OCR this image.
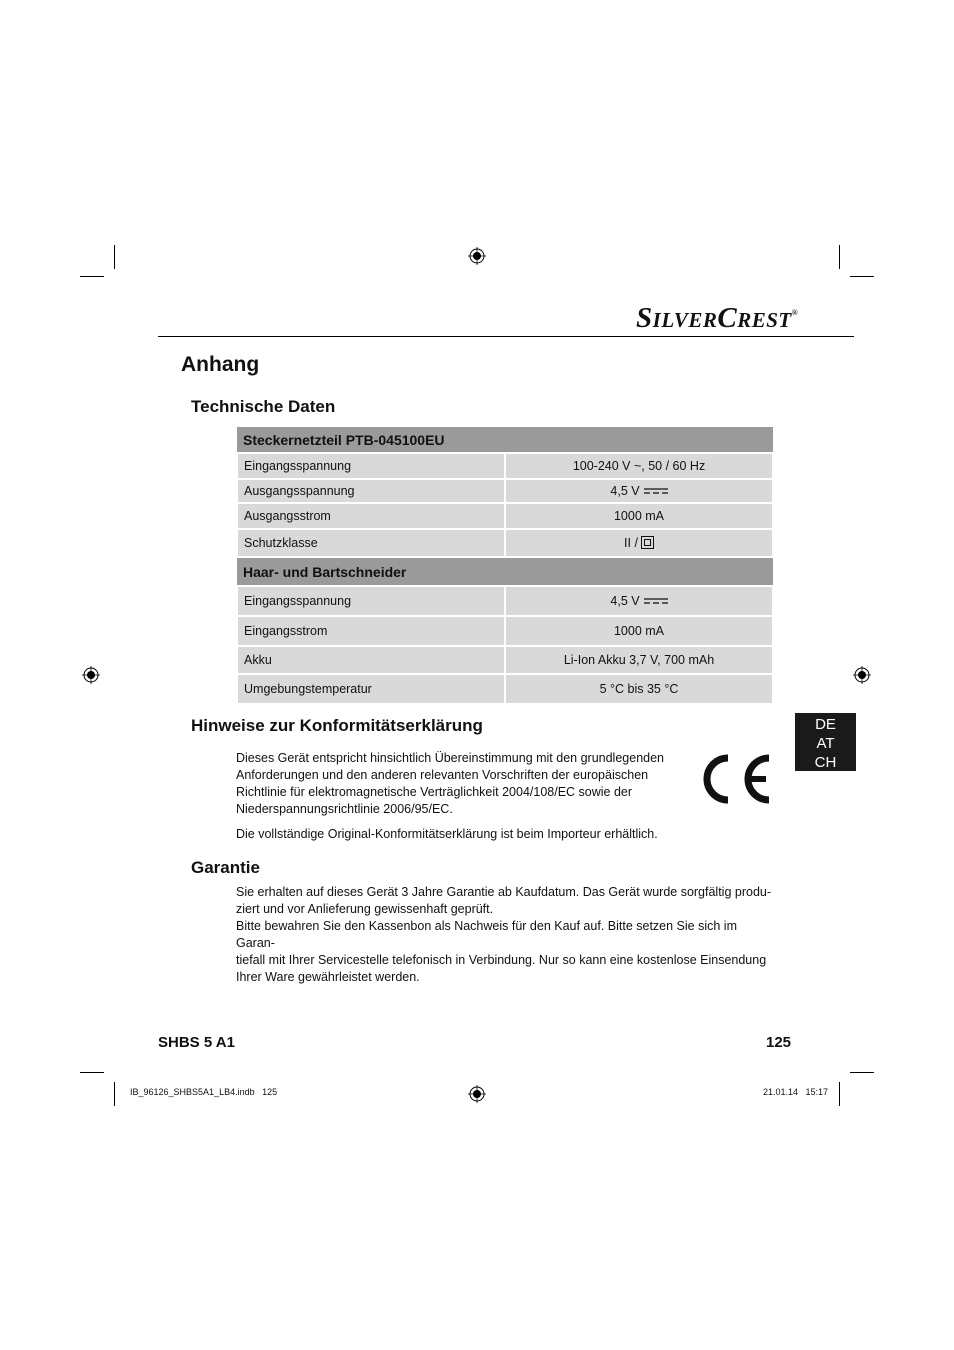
SILVERCREST®
Anhang
Technische Daten
Steckernetzteil PTB-045100EU	
Eingangsspannung	100-240 V ~, 50 / 60 Hz
Ausgangsspannung	4,5 V
Ausgangsstrom	1000 mA
Schutzklasse	II /
Haar- und Bartschneider	
Eingangsspannung	4,5 V
Eingangsstrom	1000 mA
Akku	Li-Ion Akku 3,7 V, 700 mAh
Umgebungstemperatur	5 °C bis 35 °C
Hinweise zur Konformitätserklärung
Dieses Gerät entspricht hinsichtlich Übereinstimmung mit den grundlegenden
Anforderungen und den anderen relevanten Vorschriften der europäischen
Richtlinie für elektromagnetische Verträglichkeit 2004/108/EC sowie der
Niederspannungsrichtlinie 2006/95/EC.
Die vollständige Original-Konformitätserklärung ist beim Importeur erhältlich.
DE
AT
CH
Garantie
Sie erhalten auf dieses Gerät 3 Jahre Garantie ab Kaufdatum. Das Gerät wurde sorgfältig produ-
ziert und vor Anlieferung gewissenhaft geprüft.
Bitte bewahren Sie den Kassenbon als Nachweis für den Kauf auf. Bitte setzen Sie sich im Garan-
tiefall mit Ihrer Servicestelle telefonisch in Verbindung. Nur so kann eine kostenlose Einsendung
Ihrer Ware gewährleistet werden.
SHBS 5 A1	125
IB_96126_SHBS5A1_LB4.indb   125	21.01.14   15:17
